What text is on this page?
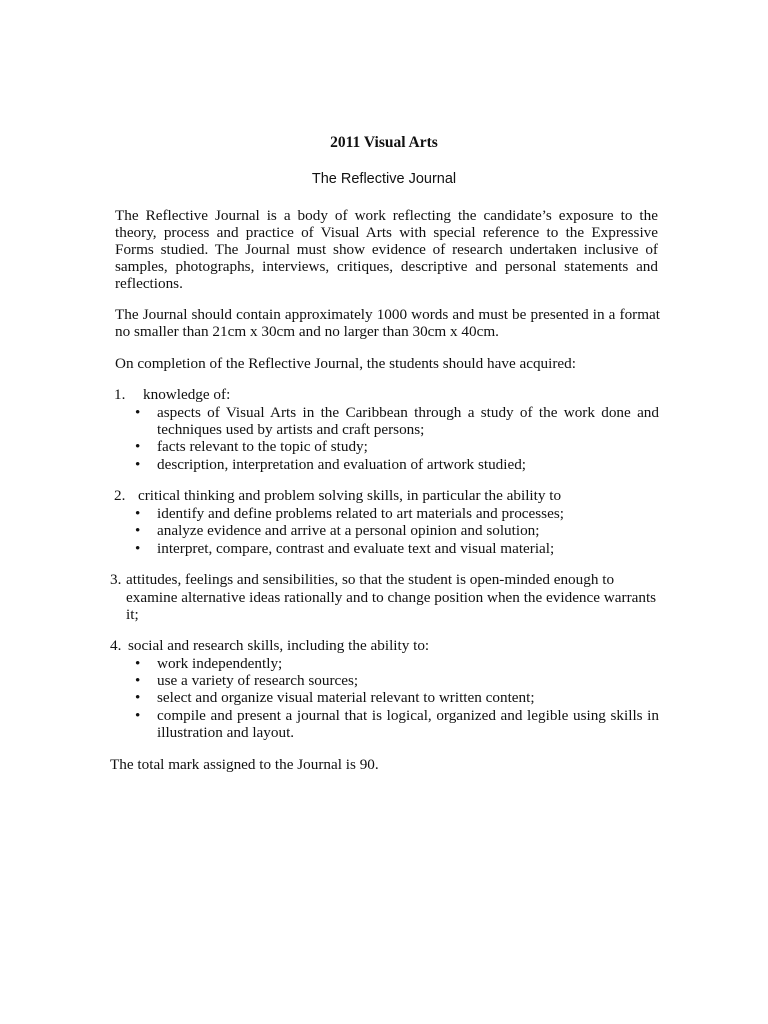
2011 Visual Arts
The Reflective Journal
The Reflective Journal is a body of work reflecting the candidate’s exposure to the theory, process and practice of Visual Arts with special reference to the Expressive Forms studied. The Journal must show evidence of research undertaken inclusive of samples, photographs, interviews, critiques, descriptive and personal statements and reflections.
The Journal should contain approximately 1000 words and must be presented in a format
no smaller than 21cm x 30cm and no larger than 30cm x 40cm.
On completion of the Reflective Journal, the students should have acquired:
1. knowledge of:
• aspects of Visual Arts in the Caribbean through a study of the work done and techniques used by artists and craft persons;
• facts relevant to the topic of study;
• description, interpretation and evaluation of artwork studied;
2. critical thinking and problem solving skills, in particular the ability to
• identify and define problems related to art materials and processes;
• analyze evidence and arrive at a personal opinion and solution;
• interpret, compare, contrast and evaluate text and visual material;
3. attitudes, feelings and sensibilities, so that the student is open-minded enough to
examine alternative ideas rationally and to change position when the evidence warrants
it;
4. social and research skills, including the ability to:
• work independently;
• use a variety of research sources;
• select and organize visual material relevant to written content;
• compile and present a journal that is logical, organized and legible using skills in illustration and layout.
The total mark assigned to the Journal is 90.
